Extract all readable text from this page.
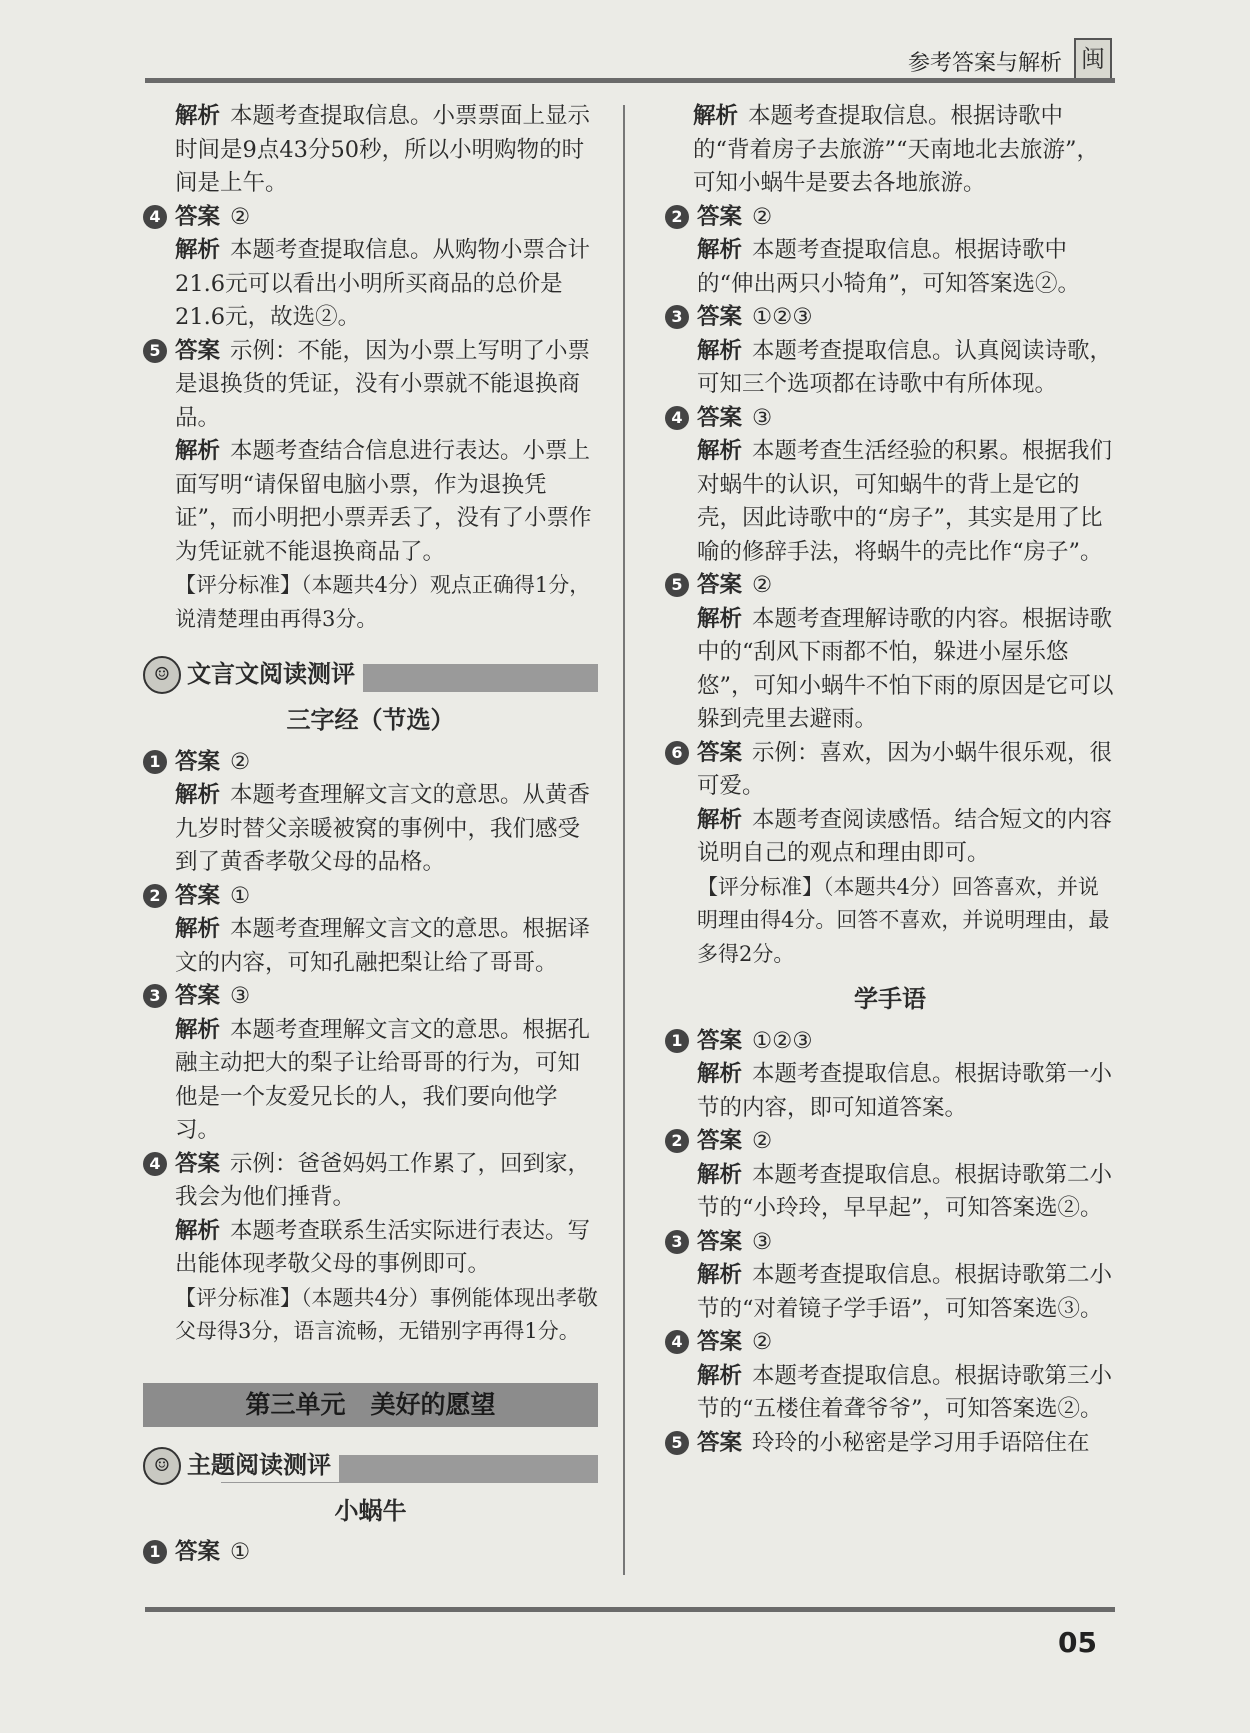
参考答案与解析 闽
解析 本题考查提取信息。小票票面上显示时间是9点43分50秒，所以小明购物的时间是上午。
4 答案 ②
解析 本题考查提取信息。从购物小票合计21.6元可以看出小明所买商品的总价是21.6元，故选②。
5 答案 示例：不能，因为小票上写明了小票是退换货的凭证，没有小票就不能退换商品。
解析 本题考查结合信息进行表达。小票上面写明“请保留电脑小票，作为退换凭证”，而小明把小票弄丢了，没有了小票作为凭证就不能退换商品了。
【评分标准】（本题共4分）观点正确得1分，说清楚理由再得3分。
☺ 文言文阅读测评
三字经（节选）
1 答案 ②
解析 本题考查理解文言文的意思。从黄香九岁时替父亲暖被窝的事例中，我们感受到了黄香孝敬父母的品格。
2 答案 ①
解析 本题考查理解文言文的意思。根据译文的内容，可知孔融把梨让给了哥哥。
3 答案 ③
解析 本题考查理解文言文的意思。根据孔融主动把大的梨子让给哥哥的行为，可知他是一个友爱兄长的人，我们要向他学习。
4 答案 示例：爸爸妈妈工作累了，回到家，我会为他们捶背。
解析 本题考查联系生活实际进行表达。写出能体现孝敬父母的事例即可。
【评分标准】（本题共4分）事例能体现出孝敬父母得3分，语言流畅，无错别字再得1分。
第三单元　美好的愿望
☺ 主题阅读测评
小蜗牛
1 答案 ①
解析 本题考查提取信息。根据诗歌中的“背着房子去旅游”“天南地北去旅游”，可知小蜗牛是要去各地旅游。
2 答案 ②
解析 本题考查提取信息。根据诗歌中的“伸出两只小犄角”，可知答案选②。
3 答案 ①②③
解析 本题考查提取信息。认真阅读诗歌，可知三个选项都在诗歌中有所体现。
4 答案 ③
解析 本题考查生活经验的积累。根据我们对蜗牛的认识，可知蜗牛的背上是它的壳，因此诗歌中的“房子”，其实是用了比喻的修辞手法，将蜗牛的壳比作“房子”。
5 答案 ②
解析 本题考查理解诗歌的内容。根据诗歌中的“刮风下雨都不怕，躲进小屋乐悠悠”，可知小蜗牛不怕下雨的原因是它可以躲到壳里去避雨。
6 答案 示例：喜欢，因为小蜗牛很乐观，很可爱。
解析 本题考查阅读感悟。结合短文的内容说明自己的观点和理由即可。
【评分标准】（本题共4分）回答喜欢，并说明理由得4分。回答不喜欢，并说明理由，最多得2分。
学手语
1 答案 ①②③
解析 本题考查提取信息。根据诗歌第一小节的内容，即可知道答案。
2 答案 ②
解析 本题考查提取信息。根据诗歌第二小节的“小玲玲，早早起”，可知答案选②。
3 答案 ③
解析 本题考查提取信息。根据诗歌第二小节的“对着镜子学手语”，可知答案选③。
4 答案 ②
解析 本题考查提取信息。根据诗歌第三小节的“五楼住着聋爷爷”，可知答案选②。
5 答案 玲玲的小秘密是学习用手语陪住在
05
